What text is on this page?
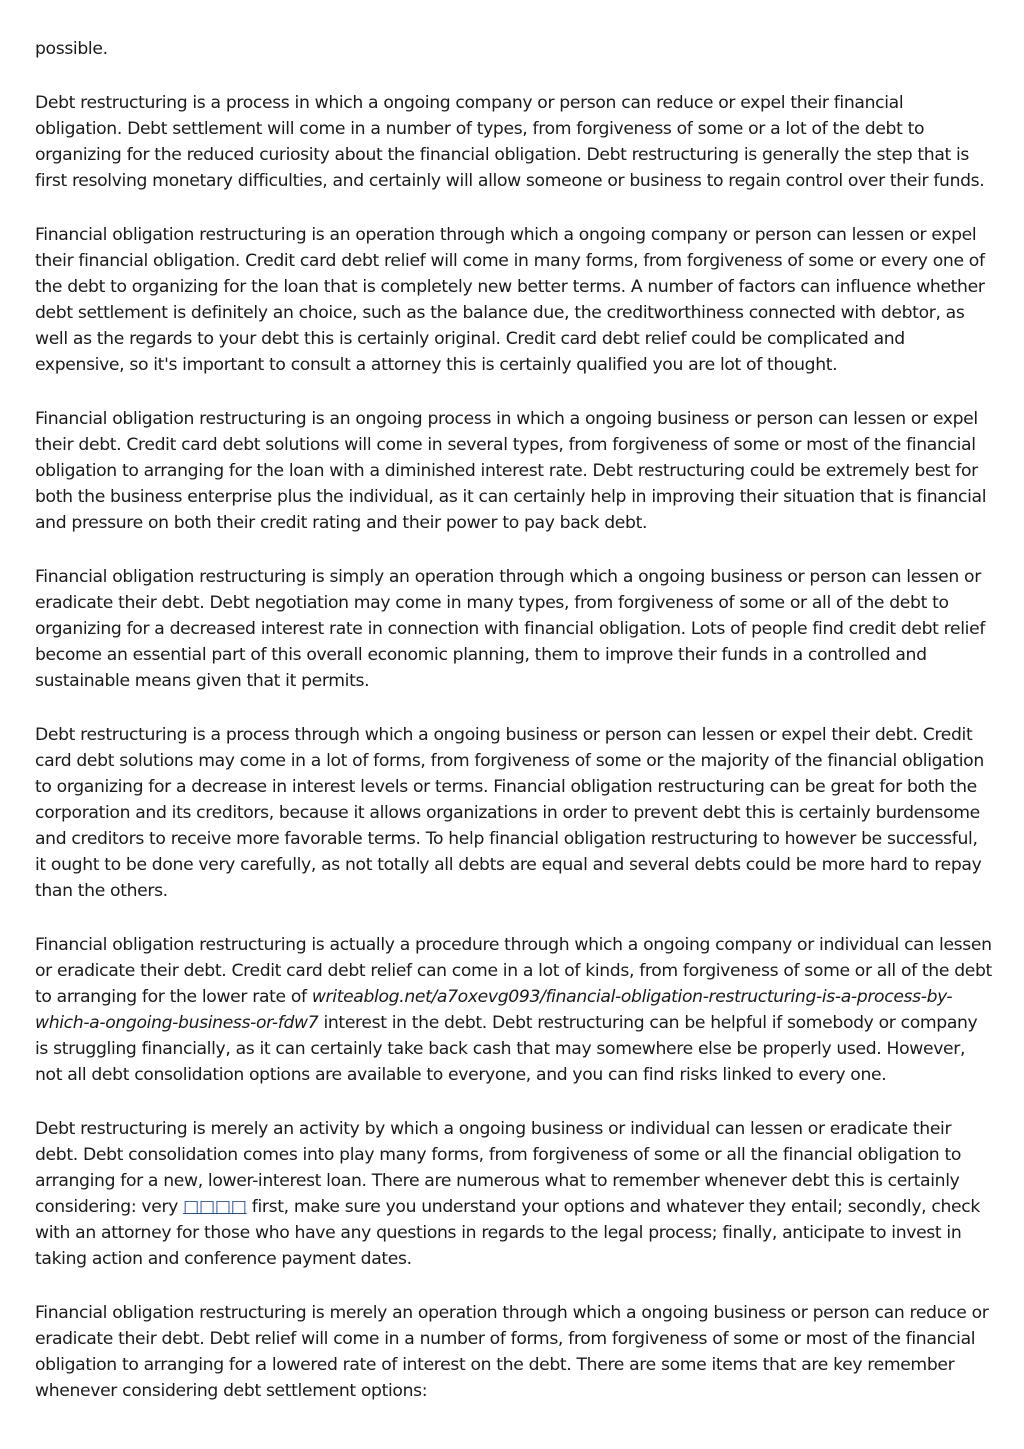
possible.

Debt restructuring is a process in which a ongoing company or person can reduce or expel their financial obligation. Debt settlement will come in a number of types, from forgiveness of some or a lot of the debt to organizing for the reduced curiosity about the financial obligation. Debt restructuring is generally the step that is first resolving monetary difficulties, and certainly will allow someone or business to regain control over their funds.

Financial obligation restructuring is an operation through which a ongoing company or person can lessen or expel their financial obligation. Credit card debt relief will come in many forms, from forgiveness of some or every one of the debt to organizing for the loan that is completely new better terms. A number of factors can influence whether debt settlement is definitely an choice, such as the balance due, the creditworthiness connected with debtor, as well as the regards to your debt this is certainly original. Credit card debt relief could be complicated and expensive, so it's important to consult a attorney this is certainly qualified you are lot of thought.

Financial obligation restructuring is an ongoing process in which a ongoing business or person can lessen or expel their debt. Credit card debt solutions will come in several types, from forgiveness of some or most of the financial obligation to arranging for the loan with a diminished interest rate. Debt restructuring could be extremely best for both the business enterprise plus the individual, as it can certainly help in improving their situation that is financial and pressure on both their credit rating and their power to pay back debt.

Financial obligation restructuring is simply an operation through which a ongoing business or person can lessen or eradicate their debt. Debt negotiation may come in many types, from forgiveness of some or all of the debt to organizing for a decreased interest rate in connection with financial obligation. Lots of people find credit debt relief become an essential part of this overall economic planning, them to improve their funds in a controlled and sustainable means given that it permits.

Debt restructuring is a process through which a ongoing business or person can lessen or expel their debt. Credit card debt solutions may come in a lot of forms, from forgiveness of some or the majority of the financial obligation to organizing for a decrease in interest levels or terms. Financial obligation restructuring can be great for both the corporation and its creditors, because it allows organizations in order to prevent debt this is certainly burdensome and creditors to receive more favorable terms. To help financial obligation restructuring to however be successful, it ought to be done very carefully, as not totally all debts are equal and several debts could be more hard to repay than the others.

Financial obligation restructuring is actually a procedure through which a ongoing company or individual can lessen or eradicate their debt. Credit card debt relief can come in a lot of kinds, from forgiveness of some or all of the debt to arranging for the lower rate of writeablog.net/a7oxevg093/financial-obligation-restructuring-is-a-process-by-which-a-ongoing-business-or-fdw7 interest in the debt. Debt restructuring can be helpful if somebody or company is struggling financially, as it can certainly take back cash that may somewhere else be properly used. However, not all debt consolidation options are available to everyone, and you can find risks linked to every one.

Debt restructuring is merely an activity by which a ongoing business or individual can lessen or eradicate their debt. Debt consolidation comes into play many forms, from forgiveness of some or all the financial obligation to arranging for a new, lower-interest loan. There are numerous what to remember whenever debt this is certainly considering: very □□□□ first, make sure you understand your options and whatever they entail; secondly, check with an attorney for those who have any questions in regards to the legal process; finally, anticipate to invest in taking action and conference payment dates.

Financial obligation restructuring is merely an operation through which a ongoing business or person can reduce or eradicate their debt. Debt relief will come in a number of forms, from forgiveness of some or most of the financial obligation to arranging for a lowered rate of interest on the debt. There are some items that are key remember whenever considering debt settlement options:
